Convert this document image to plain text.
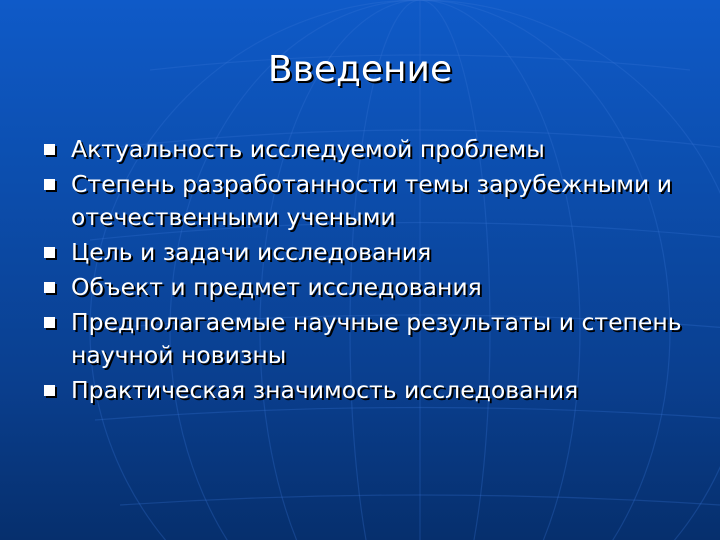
Введение
Актуальность исследуемой проблемы
Степень разработанности темы зарубежными и отечественными учеными
Цель и задачи исследования
Объект и предмет исследования
Предполагаемые научные результаты и степень научной новизны
Практическая значимость исследования
